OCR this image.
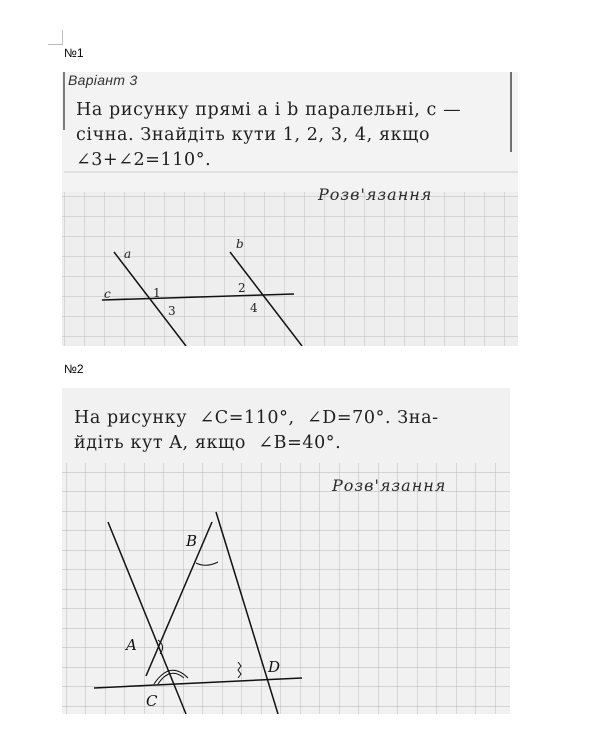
№1
Варіант 3
На рисунку прямі a і b паралельні, c —
січна. Знайдіть кути 1, 2, 3, 4, якщо
∠3+∠2=110°.
Розв'язання
a
b
c	1	2
3	4
№2
На рисунку  ∠C=110°,  ∠D=70°. Зна-
йдіть кут A, якщо  ∠B=40°.
Розв'язання
B
A
D
C
